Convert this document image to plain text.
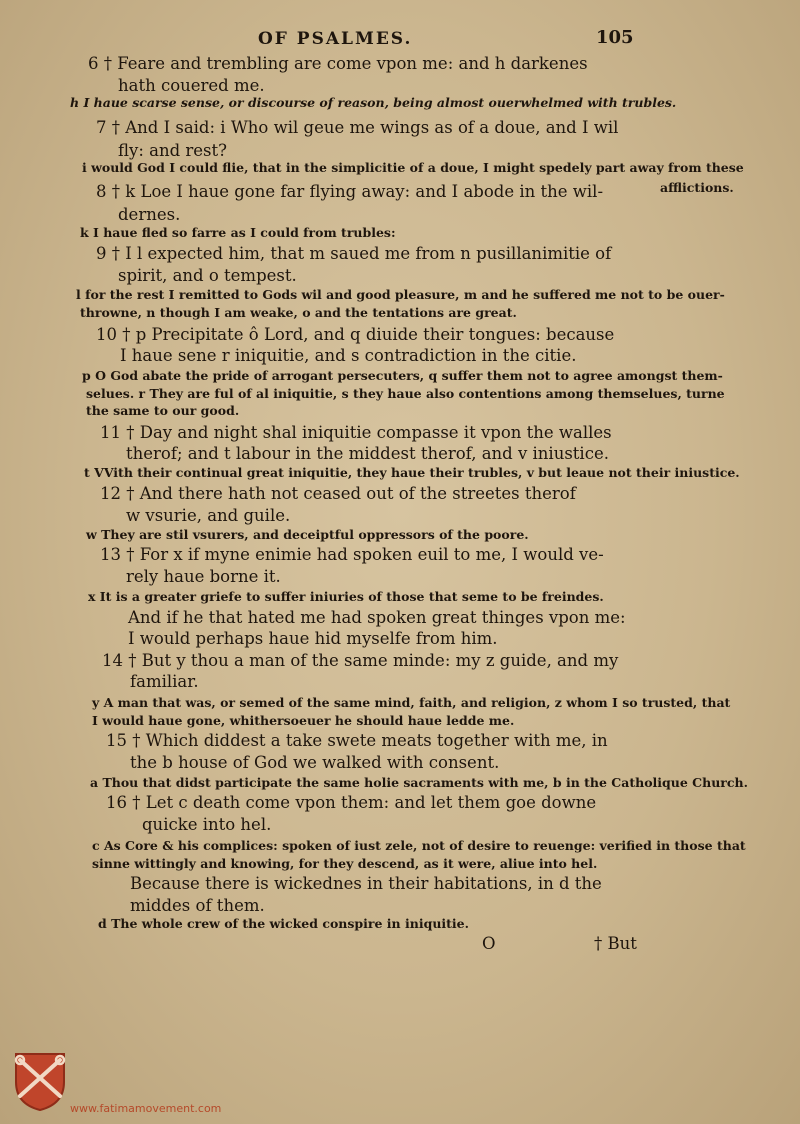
OF PSALMES.	105
6 † Feare and trembling are come vpon me: and h darkenes
hath couered me.
h I haue scarse sense, or discourse of reason, being almost ouerwhelmed with trubles.
7 † And I said: i Who wil geue me wings as of a doue, and I wil
fly: and rest?
i would God I could flie, that in the simplicitie of a doue, I might spedely part away from these
8 † k Loe I haue gone far flying away: and I abode in the wil-	afflictions.
dernes.
k I haue fled so farre as I could from trubles:
9 † I l expected him, that m saued me from n pusillanimitie of
spirit, and o tempest.
l for the rest I remitted to Gods wil and good pleasure, m and he suffered me not to be ouer-
throwne, n though I am weake, o and the tentations are great.
10 † p Precipitate ô Lord, and q diuide their tongues: because
I haue sene r iniquitie, and s contradiction in the citie.
p O God abate the pride of arrogant persecuters, q suffer them not to agree amongst them-
selues. r They are ful of al iniquitie, s they haue also contentions among themselues, turne
the same to our good.
11 † Day and night shal iniquitie compasse it vpon the walles
therof; and t labour in the middest therof, and v iniustice.
t VVith their continual great iniquitie, they haue their trubles, v but leaue not their iniustice.
12 † And there hath not ceased out of the streetes therof
w vsurie, and guile.
w They are stil vsurers, and deceiptful oppressors of the poore.
13 † For x if myne enimie had spoken euil to me, I would ve-
rely haue borne it.
x It is a greater griefe to suffer iniuries of those that seme to be freindes.
And if he that hated me had spoken great thinges vpon me:
I would perhaps haue hid myselfe from him.
14 † But y thou a man of the same minde: my z guide, and my
familiar.
y A man that was, or semed of the same mind, faith, and religion, z whom I so trusted, that
I would haue gone, whithersoeuer he should haue ledde me.
15 † Which diddest a take swete meats together with me, in
the b house of God we walked with consent.
a Thou that didst participate the same holie sacraments with me, b in the Catholique Church.
16 † Let c death come vpon them: and let them goe downe
quicke into hel.
c As Core & his complices: spoken of iust zele, not of desire to reuenge: verified in those that
sinne wittingly and knowing, for they descend, as it were, aliue into hel.
Because there is wickednes in their habitations, in d the
middes of them.
d The whole crew of the wicked conspire in iniquitie.
O	† But
www.fatimamovement.com
